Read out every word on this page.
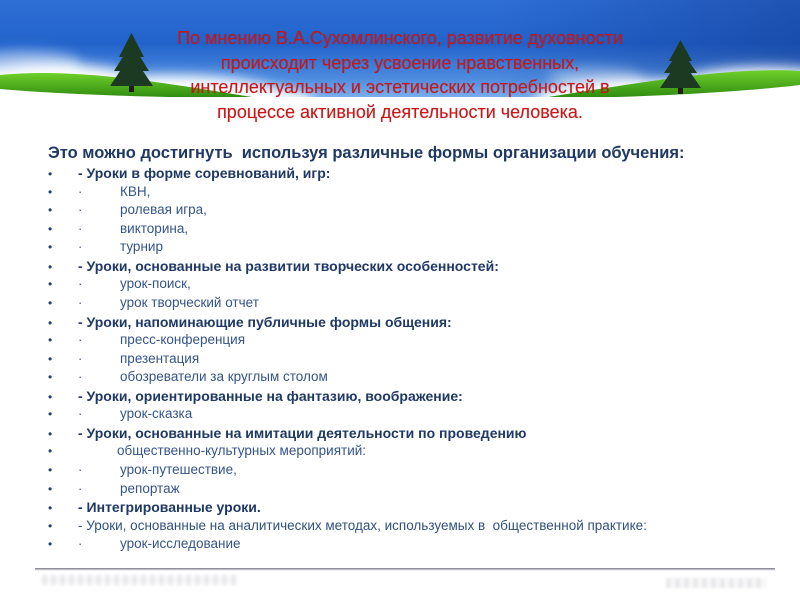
По мнению В.А.Сухомлинского, развитие духовности
происходит через усвоение нравственных,
интеллектуальных и эстетических потребностей в
процессе активной деятельности человека.
Это можно достигнуть  используя различные формы организации обучения:
•	- Уроки в форме соревнований, игр:
•	·	КВН,
•	·	ролевая игра,
•	·	викторина,
•	·	турнир
•	- Уроки, основанные на развитии творческих особенностей:
•	·	урок-поиск,
•	·	урок творческий отчет
•	- Уроки, напоминающие публичные формы общения:
•	·	пресс-конференция
•	·	презентация
•	·	обозреватели за круглым столом
•	- Уроки, ориентированные на фантазию, воображение:
•	·	урок-сказка
•	- Уроки, основанные на имитации деятельности по проведению
•	общественно-культурных мероприятий:
•	·	урок-путешествие,
•	·	репортаж
•	- Интегрированные уроки.
•	- Уроки, основанные на аналитических методах, используемых в  общественной практике:
•	·	урок-исследование
